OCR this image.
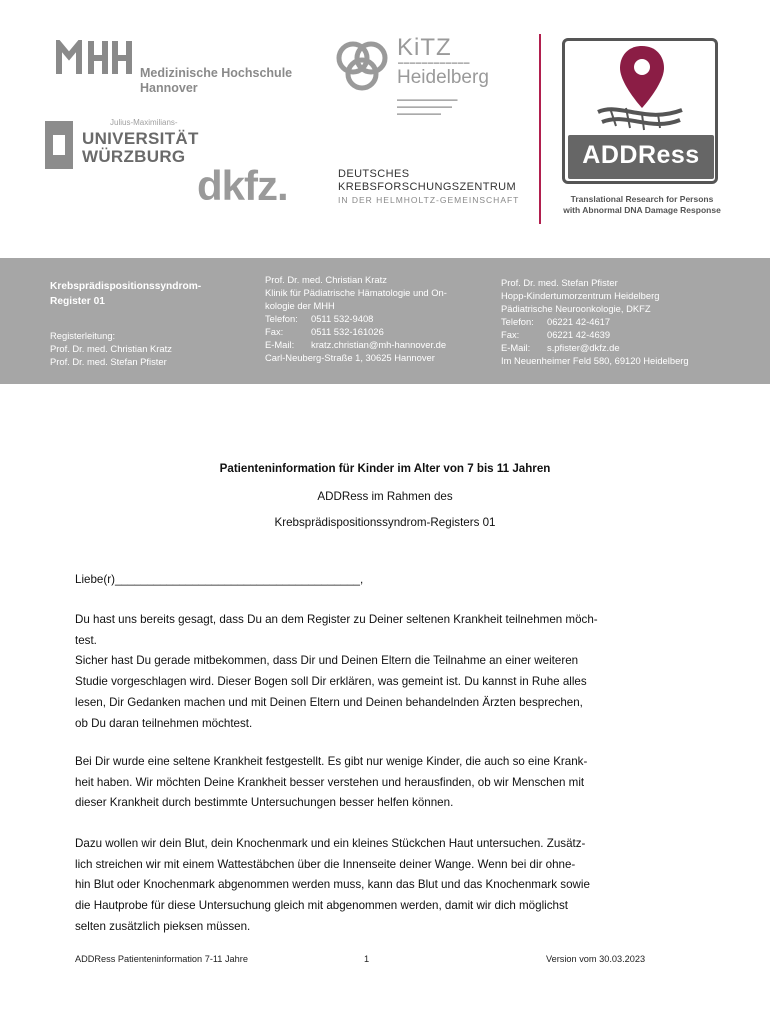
Medizinische Hochschule
Hannover
Julius-Maximilians-
UNIVERSITÄT
WÜRZBURG
dkfz.	DEUTSCHES
KREBSFORSCHUNGSZENTRUM
IN DER HELMHOLTZ-GEMEINSCHAFT
KiTZ
▬▬▬▬▬▬▬▬▬▬▬▬
Heidelberg
▬▬▬▬▬▬▬▬▬▬▬
▬▬▬▬▬▬▬▬▬▬
▬▬▬▬▬▬▬▬
ADDRess
Translational Research for Persons
with Abnormal DNA Damage Response
Krebsprädispositionssyndrom-
Register 01
Registerleitung:
Prof. Dr. med. Christian Kratz
Prof. Dr. med. Stefan Pfister
Prof. Dr. med. Christian Kratz
Klinik für Pädiatrische Hämatologie und On-
kologie der MHH
Telefon: 0511 532-9408
Fax:	0511 532-161026
E-Mail: kratz.christian@mh-hannover.de
Carl-Neuberg-Straße 1, 30625 Hannover
Prof. Dr. med. Stefan Pfister
Hopp-Kindertumorzentrum Heidelberg
Pädiatrische Neuroonkologie, DKFZ
Telefon: 06221 42-4617
Fax:	06221 42-4639
E-Mail: s.pfister@dkfz.de
Im Neuenheimer Feld 580, 69120 Heidelberg
Patienteninformation für Kinder im Alter von 7 bis 11 Jahren
ADDRess im Rahmen des
Krebsprädispositionssyndrom-Registers 01
Liebe(r)______________________________________,
Du hast uns bereits gesagt, dass Du an dem Register zu Deiner seltenen Krankheit teilnehmen möch-
test.
Sicher hast Du gerade mitbekommen, dass Dir und Deinen Eltern die Teilnahme an einer weiteren
Studie vorgeschlagen wird. Dieser Bogen soll Dir erklären, was gemeint ist. Du kannst in Ruhe alles
lesen, Dir Gedanken machen und mit Deinen Eltern und Deinen behandelnden Ärzten besprechen,
ob Du daran teilnehmen möchtest.
Bei Dir wurde eine seltene Krankheit festgestellt. Es gibt nur wenige Kinder, die auch so eine Krank-
heit haben. Wir möchten Deine Krankheit besser verstehen und herausfinden, ob wir Menschen mit
dieser Krankheit durch bestimmte Untersuchungen besser helfen können.
Dazu wollen wir dein Blut, dein Knochenmark und ein kleines Stückchen Haut untersuchen. Zusätz-
lich streichen wir mit einem Wattestäbchen über die Innenseite deiner Wange. Wenn bei dir ohne-
hin Blut oder Knochenmark abgenommen werden muss, kann das Blut und das Knochenmark sowie
die Hautprobe für diese Untersuchung gleich mit abgenommen werden, damit wir dich möglichst
selten zusätzlich pieksen müssen.
ADDRess Patienteninformation 7-11 Jahre	1	Version vom 30.03.2023
